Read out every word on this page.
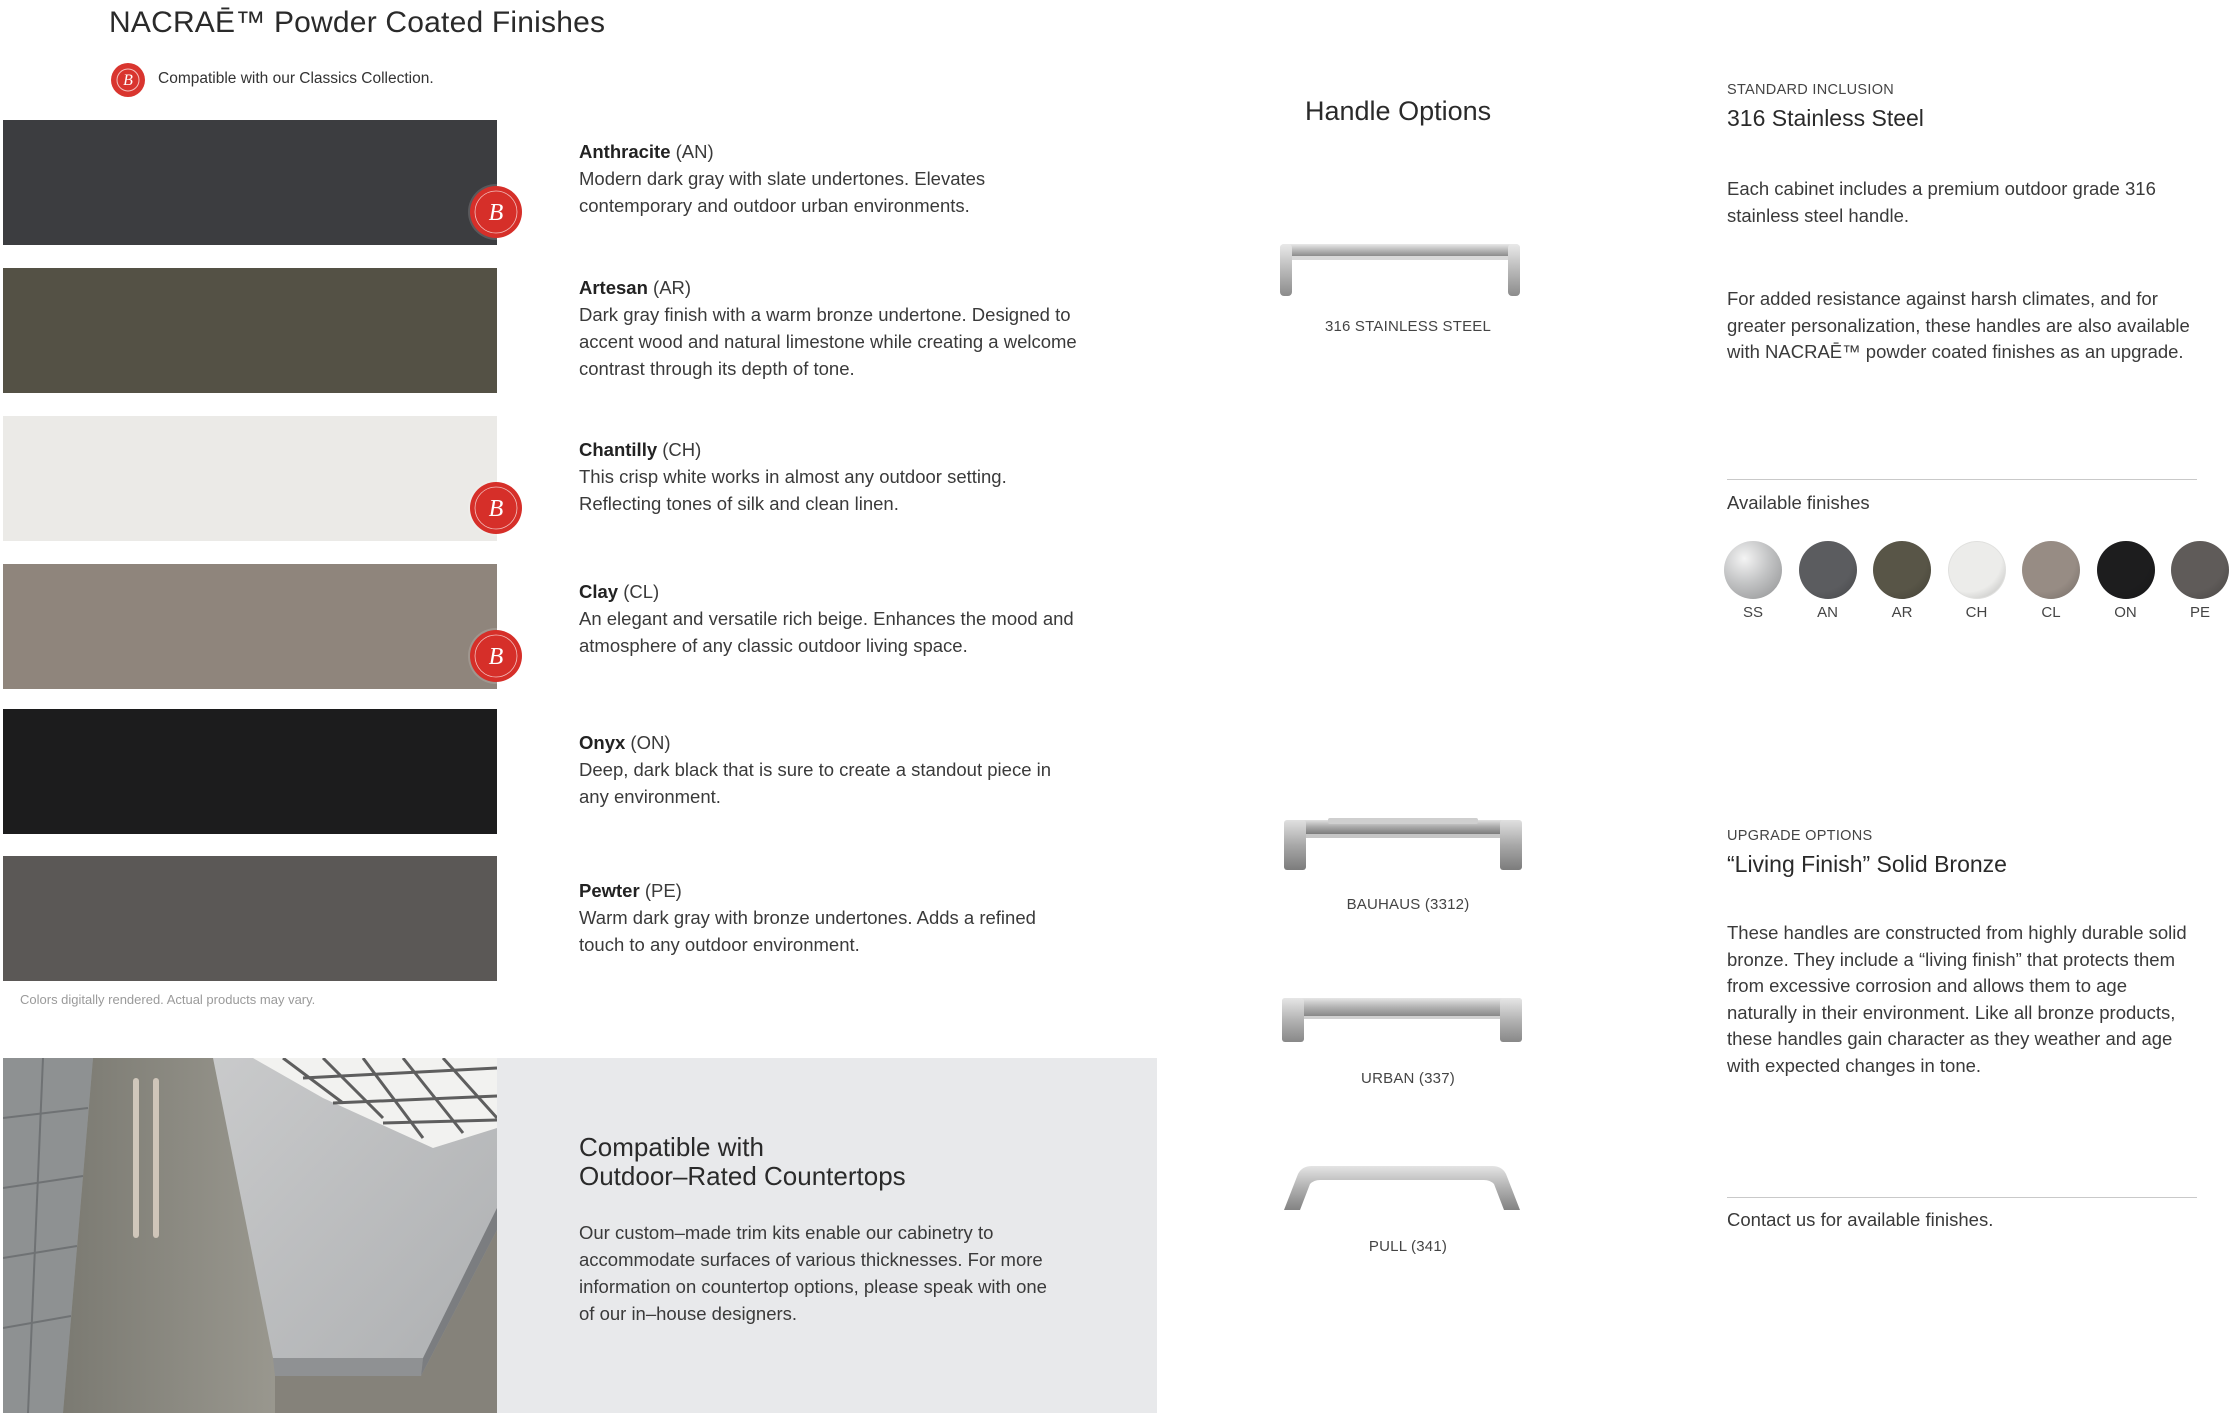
NACRAĒ™ Powder Coated Finishes
B Compatible with our Classics Collection.
B
Anthracite (AN)
Modern dark gray with slate undertones. Elevates contemporary and outdoor urban environments.
Artesan (AR)
Dark gray finish with a warm bronze undertone. Designed to accent wood and natural limestone while creating a welcome contrast through its depth of tone.
B
Chantilly (CH)
This crisp white works in almost any outdoor setting. Reflecting tones of silk and clean linen.
B
Clay (CL)
An elegant and versatile rich beige. Enhances the mood and atmosphere of any classic outdoor living space.
Onyx (ON)
Deep, dark black that is sure to create a standout piece in any environment.
Pewter (PE)
Warm dark gray with bronze undertones. Adds a refined touch to any outdoor environment.
Colors digitally rendered. Actual products may vary.
Compatible with
Outdoor–Rated Countertops
Our custom–made trim kits enable our cabinetry to accommodate surfaces of various thicknesses. For more information on countertop options, please speak with one of our in–house designers.
Handle Options
316 STAINLESS STEEL
BAUHAUS (3312)
URBAN (337)
PULL (341)
STANDARD INCLUSION
316 Stainless Steel
Each cabinet includes a premium outdoor grade 316 stainless steel handle.
For added resistance against harsh climates, and for greater personalization, these handles are also available with NACRAĒ™ powder coated finishes as an upgrade.
Available finishes
SS	AN	AR	CH	CL	ON	PE
UPGRADE OPTIONS
“Living Finish” Solid Bronze
These handles are constructed from highly durable solid bronze. They include a “living finish” that protects them from excessive corrosion and allows them to age naturally in their environment. Like all bronze products, these handles gain character as they weather and age with expected changes in tone.
Contact us for available finishes.
